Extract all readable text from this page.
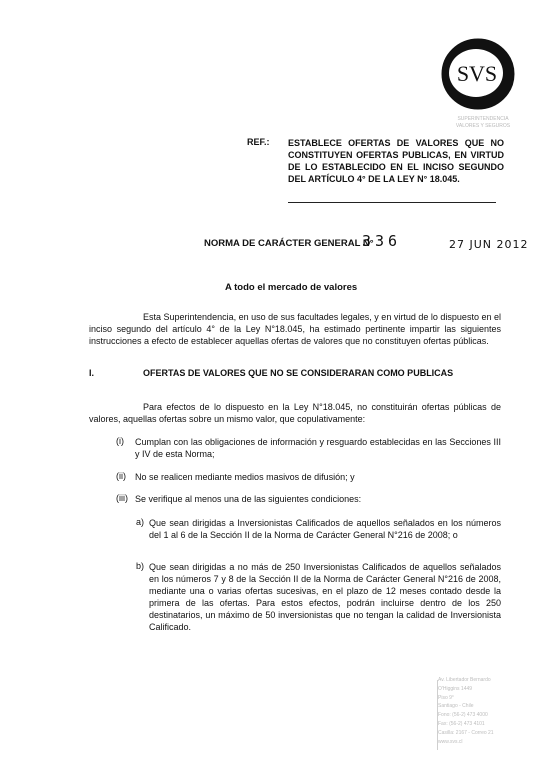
SVS
SUPERINTENDENCIA
VALORES Y SEGUROS
REF.: ESTABLECE OFERTAS DE VALORES QUE NO CONSTITUYEN OFERTAS PUBLICAS, EN VIRTUD DE LO ESTABLECIDO EN EL INCISO SEGUNDO DEL ARTÍCULO 4° DE LA LEY N° 18.045.
NORMA DE CARÁCTER GENERAL N°
336	27 JUN 2012
A todo el mercado de valores
Esta Superintendencia, en uso de sus facultades legales, y en virtud de lo dispuesto en el inciso segundo del artículo 4° de la Ley N°18.045, ha estimado pertinente impartir las siguientes instrucciones a efecto de establecer aquellas ofertas de valores que no constituyen ofertas públicas.
I.	OFERTAS DE VALORES QUE NO SE CONSIDERARAN COMO PUBLICAS
Para efectos de lo dispuesto en la Ley N°18.045, no constituirán ofertas públicas de valores, aquellas ofertas sobre un mismo valor, que copulativamente:
(i) Cumplan con las obligaciones de información y resguardo establecidas en las Secciones III y IV de esta Norma;
(ii) No se realicen mediante medios masivos de difusión; y
(iii) Se verifique al menos una de las siguientes condiciones:
a) Que sean dirigidas a Inversionistas Calificados de aquellos señalados en los números del 1 al 6 de la Sección II de la Norma de Carácter General N°216 de 2008; o
b) Que sean dirigidas a no más de 250 Inversionistas Calificados de aquellos señalados en los números 7 y 8 de la Sección II de la Norma de Carácter General N°216 de 2008, mediante una o varias ofertas sucesivas, en el plazo de 12 meses contado desde la primera de las ofertas. Para estos efectos, podrán incluirse dentro de los 250 destinatarios, un máximo de 50 inversionistas que no tengan la calidad de Inversionista Calificado.
Av. Libertador Bernardo
O'Higgins 1449
Piso 9°
Santiago - Chile
Fono: (56-2) 473 4000
Fax: (56-2) 473 4101
Casilla: 2167 - Correo 21
www.svs.cl
